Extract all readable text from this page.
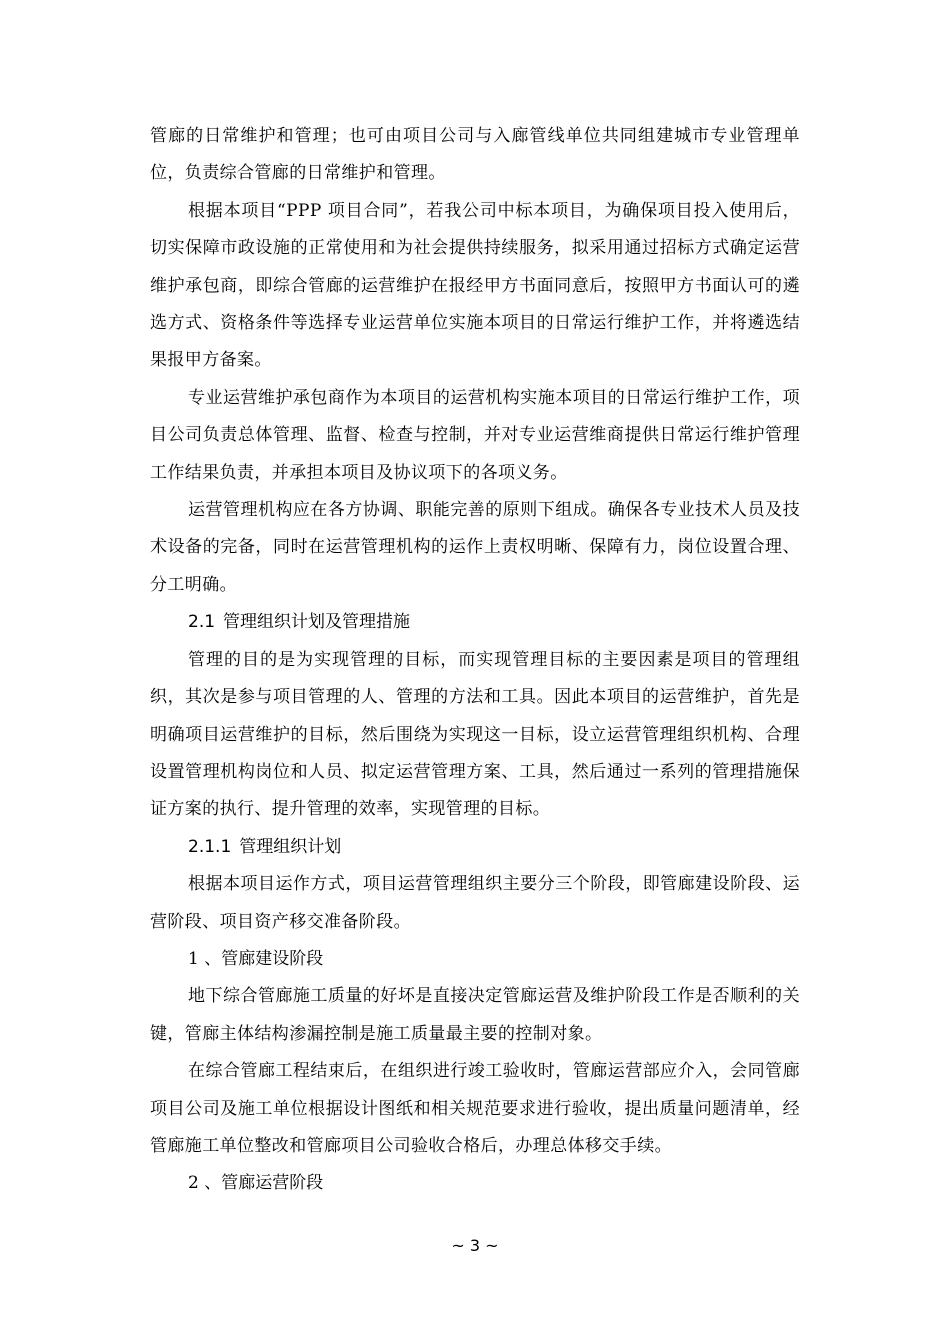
管廊的日常维护和管理；也可由项目公司与入廊管线单位共同组建城市专业管理单位，负责综合管廊的日常维护和管理。

根据本项目“PPP 项目合同”，若我公司中标本项目，为确保项目投入使用后，切实保障市政设施的正常使用和为社会提供持续服务，拟采用通过招标方式确定运营维护承包商，即综合管廊的运营维护在报经甲方书面同意后，按照甲方书面认可的遴选方式、资格条件等选择专业运营单位实施本项目的日常运行维护工作，并将遴选结果报甲方备案。

专业运营维护承包商作为本项目的运营机构实施本项目的日常运行维护工作，项目公司负责总体管理、监督、检查与控制，并对专业运营维商提供日常运行维护管理工作结果负责，并承担本项目及协议项下的各项义务。

运营管理机构应在各方协调、职能完善的原则下组成。确保各专业技术人员及技术设备的完备，同时在运营管理机构的运作上责权明晰、保障有力，岗位设置合理、分工明确。

2.1 管理组织计划及管理措施

管理的目的是为实现管理的目标，而实现管理目标的主要因素是项目的管理组织，其次是参与项目管理的人、管理的方法和工具。因此本项目的运营维护，首先是明确项目运营维护的目标，然后围绕为实现这一目标，设立运营管理组织机构、合理设置管理机构岗位和人员、拟定运营管理方案、工具，然后通过一系列的管理措施保证方案的执行、提升管理的效率，实现管理的目标。

2.1.1 管理组织计划

根据本项目运作方式，项目运营管理组织主要分三个阶段，即管廊建设阶段、运营阶段、项目资产移交准备阶段。

1 、管廊建设阶段

地下综合管廊施工质量的好坏是直接决定管廊运营及维护阶段工作是否顺利的关键，管廊主体结构渗漏控制是施工质量最主要的控制对象。

在综合管廊工程结束后，在组织进行竣工验收时，管廊运营部应介入，会同管廊项目公司及施工单位根据设计图纸和相关规范要求进行验收，提出质量问题清单，经管廊施工单位整改和管廊项目公司验收合格后，办理总体移交手续。

2 、管廊运营阶段

~ 3 ~
